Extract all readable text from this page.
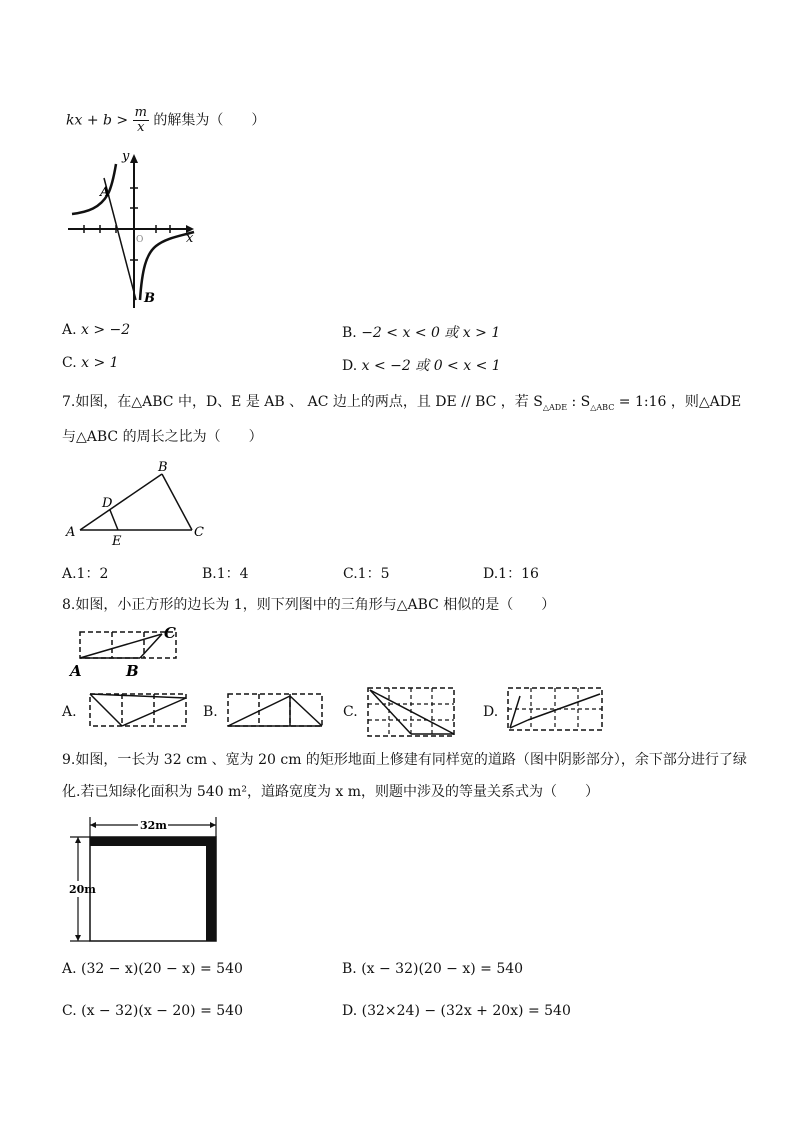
kx + $b > \frac{m}{x}$ 的解集为（　　）
y
x
O
A
B
A. x > −2	B. −2 < x < 0 或 x > 1
C. x > 1	D. x < −2 或 0 < x < 1
7.如图，在△ABC 中，D、E 是 AB 、 AC 边上的两点，且 DE // BC ，若 $S_{\triangle ADE}$ : $S_{\triangle ABC}$ = 1:16 ，则△ADE
与△ABC 的周长之比为（　　）
A
B
C
D
E
A.1：2	B.1：4	C.1：5	D.1：16
8.如图，小正方形的边长为 1，则下列图中的三角形与△ABC 相似的是（　　）
A	B
C
A.	B.	C.	D.
9.如图，一长为 32 cm 、宽为 20 cm 的矩形地面上修建有同样宽的道路（图中阴影部分），余下部分进行了绿
化.若已知绿化面积为 540 m²，道路宽度为 x m，则题中涉及的等量关系式为（　　）
32m
20m
A. (32 − x)(20 − x) = 540	B. (x − 32)(20 − x) = 540
C. (x − 32)(x − 20) = 540	D. (32×24) − (32x + 20x) = 540
